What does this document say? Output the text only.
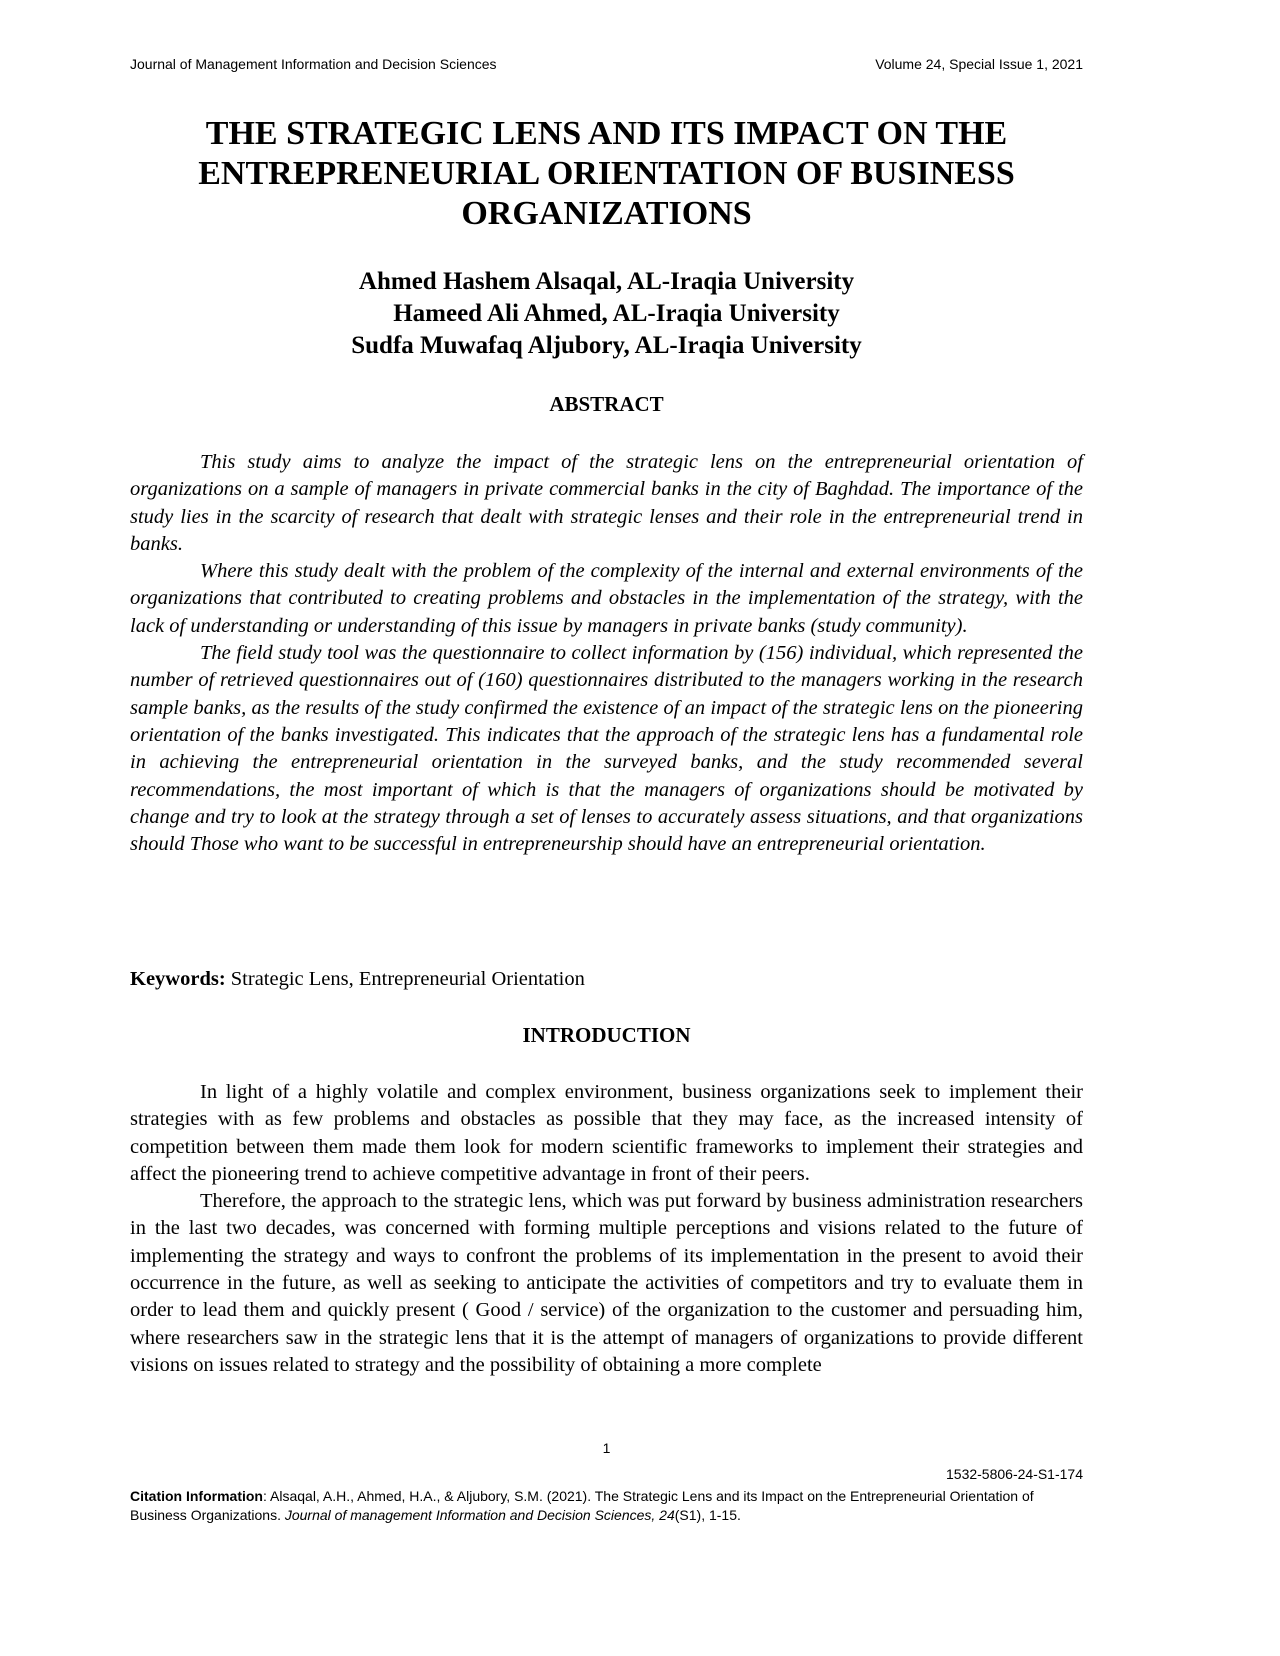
Journal of Management Information and Decision Sciences	Volume 24, Special Issue 1, 2021
THE STRATEGIC LENS AND ITS IMPACT ON THE ENTREPRENEURIAL ORIENTATION OF BUSINESS ORGANIZATIONS
Ahmed Hashem Alsaqal, AL-Iraqia University
Hameed Ali Ahmed, AL-Iraqia University
Sudfa Muwafaq Aljubory, AL-Iraqia University
ABSTRACT

This study aims to analyze the impact of the strategic lens on the entrepreneurial orientation of organizations on a sample of managers in private commercial banks in the city of Baghdad. The importance of the study lies in the scarcity of research that dealt with strategic lenses and their role in the entrepreneurial trend in banks.

Where this study dealt with the problem of the complexity of the internal and external environments of the organizations that contributed to creating problems and obstacles in the implementation of the strategy, with the lack of understanding or understanding of this issue by managers in private banks (study community).

The field study tool was the questionnaire to collect information by (156) individual, which represented the number of retrieved questionnaires out of (160) questionnaires distributed to the managers working in the research sample banks, as the results of the study confirmed the existence of an impact of the strategic lens on the pioneering orientation of the banks investigated. This indicates that the approach of the strategic lens has a fundamental role in achieving the entrepreneurial orientation in the surveyed banks, and the study recommended several recommendations, the most important of which is that the managers of organizations should be motivated by change and try to look at the strategy through a set of lenses to accurately assess situations, and that organizations should Those who want to be successful in entrepreneurship should have an entrepreneurial orientation.

Keywords: Strategic Lens, Entrepreneurial Orientation
INTRODUCTION

In light of a highly volatile and complex environment, business organizations seek to implement their strategies with as few problems and obstacles as possible that they may face, as the increased intensity of competition between them made them look for modern scientific frameworks to implement their strategies and affect the pioneering trend to achieve competitive advantage in front of their peers.

Therefore, the approach to the strategic lens, which was put forward by business administration researchers in the last two decades, was concerned with forming multiple perceptions and visions related to the future of implementing the strategy and ways to confront the problems of its implementation in the present to avoid their occurrence in the future, as well as seeking to anticipate the activities of competitors and try to evaluate them in order to lead them and quickly present ( Good / service) of the organization to the customer and persuading him, where researchers saw in the strategic lens that it is the attempt of managers of organizations to provide different visions on issues related to strategy and the possibility of obtaining a more complete

1
1532-5806-24-S1-174
Citation Information: Alsaqal, A.H., Ahmed, H.A., & Aljubory, S.M. (2021). The Strategic Lens and its Impact on the Entrepreneurial Orientation of Business Organizations. Journal of management Information and Decision Sciences, 24(S1), 1-15.
